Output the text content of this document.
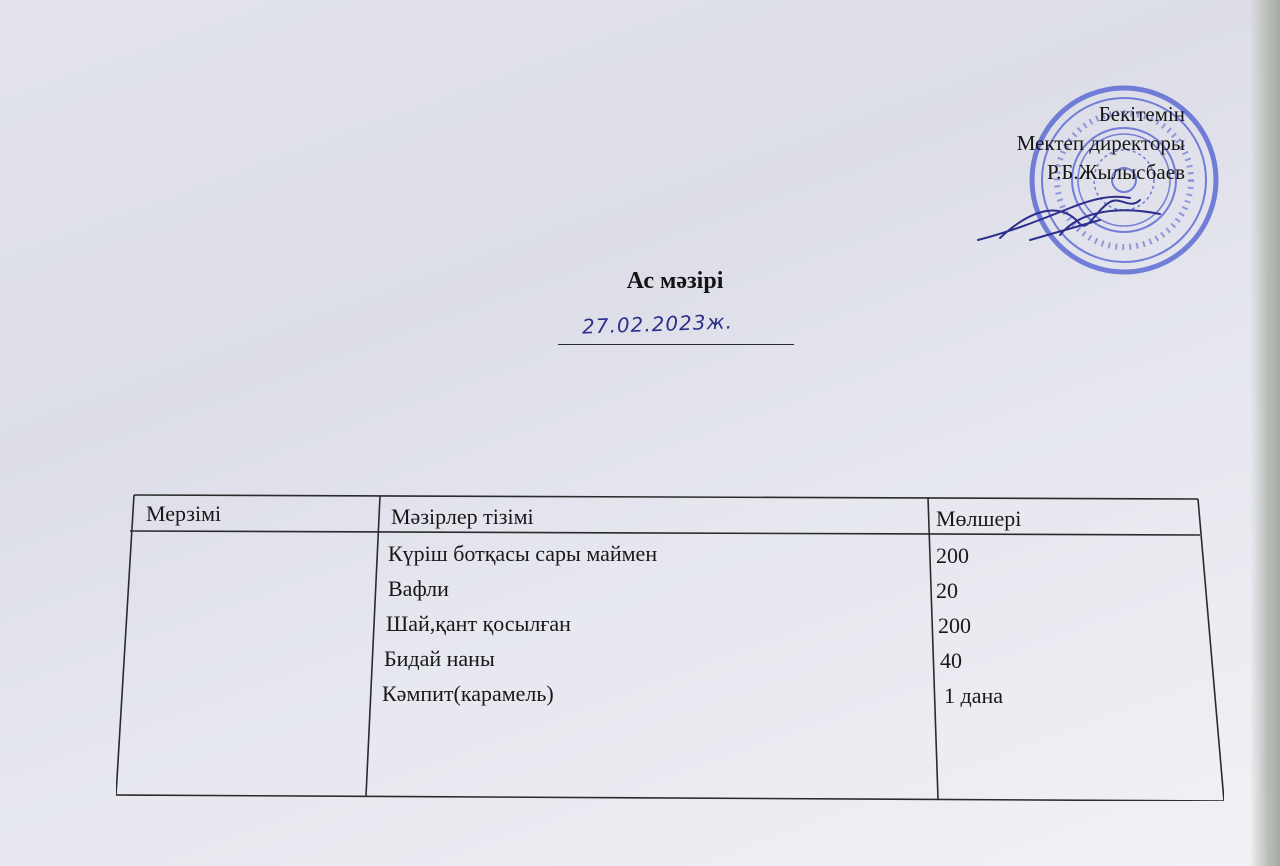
Бекітемін
Мектеп директоры
Р.Б.Жылысбаев
Ас мәзірі
27.02.2023ж.
Мерзімі	Мәзірлер тізімі	Мөлшері
Күріш ботқасы сары маймен
Вафли
Шай,қант қосылған
Бидай наны
Кәмпит(карамель)
200
20
200
40
1 дана
